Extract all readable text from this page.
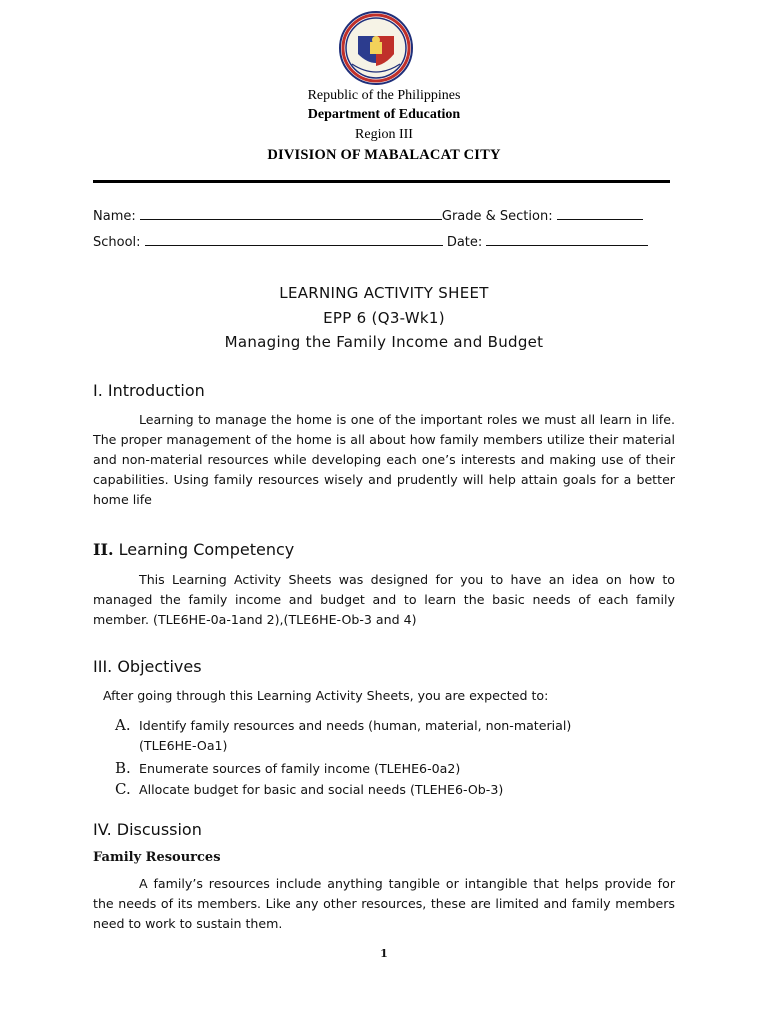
Republic of the Philippines
Department of Education
Region III
DIVISION OF MABALACAT CITY
Name:	Grade & Section:
School:	Date:
LEARNING ACTIVITY SHEET
EPP 6 (Q3-Wk1)
Managing the Family Income and Budget
I. Introduction
Learning to manage the home is one of the important roles we must all learn in life. The proper management of the home is all about how family members utilize their material and non-material resources while developing each one’s interests and making use of their capabilities. Using family resources wisely and prudently will help attain goals for a better home life
II. Learning Competency
This Learning Activity Sheets was designed for you to have an idea on how to managed the family income and budget and to learn the basic needs of each family member. (TLE6HE-0a-1and 2),(TLE6HE-Ob-3 and 4)
III. Objectives
After going through this Learning Activity Sheets, you are expected to:
A. Identify family resources and needs (human, material, non-material)
(TLE6HE-Oa1)
B. Enumerate sources of family income (TLEHE6-0a2)
C. Allocate budget for basic and social needs (TLEHE6-Ob-3)
IV. Discussion
Family Resources
A family’s resources include anything tangible or intangible that helps provide for the needs of its members. Like any other resources, these are limited and family members need to work to sustain them.
1
